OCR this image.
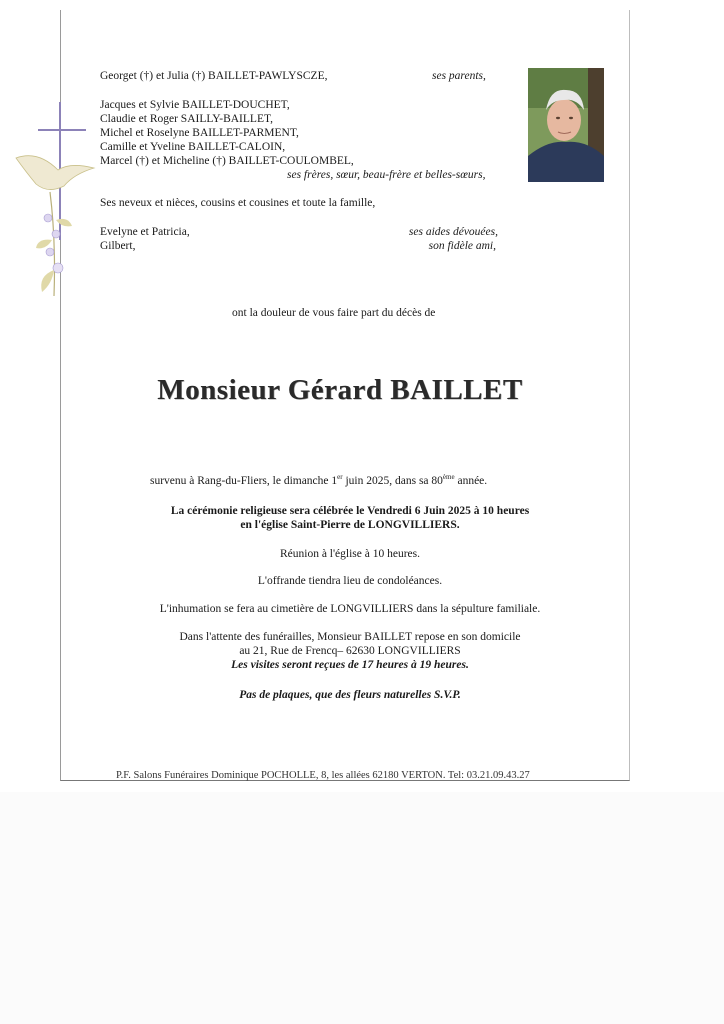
Georget (†) et Julia (†) BAILLET-PAWLYSCZE,	ses parents,
Jacques et Sylvie BAILLET-DOUCHET,
Claudie et Roger SAILLY-BAILLET,
Michel et Roselyne BAILLET-PARMENT,
Camille et Yveline BAILLET-CALOIN,
Marcel (†) et Micheline (†) BAILLET-COULOMBEL,
ses frères, sœur, beau-frère et belles-sœurs,
Ses neveux et nièces, cousins et cousines et toute la famille,
Evelyne et Patricia,
Gilbert,
ses aides dévouées,
son fidèle ami,
ont la douleur de vous faire part du décès de
Monsieur Gérard BAILLET
survenu à Rang-du-Fliers, le dimanche 1er juin 2025, dans sa 80ème année.
La cérémonie religieuse sera célébrée le Vendredi 6 Juin 2025 à 10 heures
en l'église Saint-Pierre de LONGVILLIERS.
Réunion à l'église à 10 heures.
L'offrande tiendra lieu de condoléances.
L'inhumation se fera au cimetière de LONGVILLIERS dans la sépulture familiale.
Dans l'attente des funérailles, Monsieur BAILLET repose en son domicile
au 21, Rue de Frencq– 62630 LONGVILLIERS
Les visites seront reçues de 17 heures à 19 heures.
Pas de plaques, que des fleurs naturelles S.V.P.
P.F. Salons Funéraires Dominique POCHOLLE, 8, les allées 62180 VERTON. Tel: 03.21.09.43.27
